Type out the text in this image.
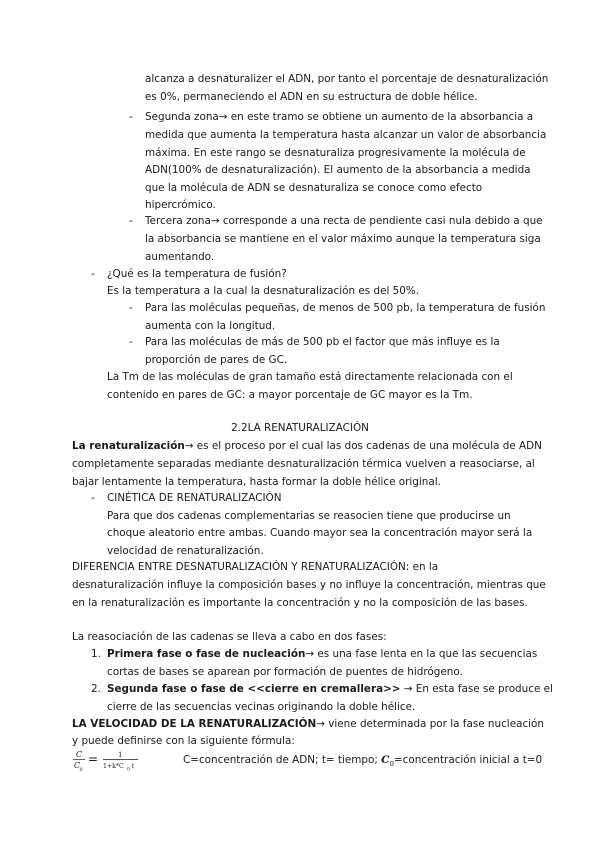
alcanza a desnaturalizer el ADN, por tanto el porcentaje de desnaturalización
es 0%, permaneciendo el ADN en su estructura de doble hélice.
- Segunda zona→ en este tramo se obtiene un aumento de la absorbancia a
medida que aumenta la temperatura hasta alcanzar un valor de absorbancia
máxima. En este rango se desnaturaliza progresivamente la molécula de
ADN(100% de desnaturalización). El aumento de la absorbancia a medida
que la molécula de ADN se desnaturaliza se conoce como efecto
hipercrómico.
- Tercera zona→ corresponde a una recta de pendiente casi nula debido a que
la absorbancia se mantiene en el valor máximo aunque la temperatura siga
aumentando.
- ¿Qué es la temperatura de fusión?
Es la temperatura a la cual la desnaturalización es del 50%.
- Para las moléculas pequeñas, de menos de 500 pb, la temperatura de fusión
aumenta con la longitud.
- Para las moléculas de más de 500 pb el factor que más influye es la
proporción de pares de GC.
La Tm de las moléculas de gran tamaño está directamente relacionada con el
contenido en pares de GC: a mayor porcentaje de GC mayor es la Tm.
2.2LA RENATURALIZACIÓN
La renaturalización→ es el proceso por el cual las dos cadenas de una molécula de ADN
completamente separadas mediante desnaturalización térmica vuelven a reasociarse, al
bajar lentamente la temperatura, hasta formar la doble hélice original.
- CINÉTICA DE RENATURALIZACIÓN
Para que dos cadenas complementarias se reasocien tiene que producirse un
choque aleatorio entre ambas. Cuando mayor sea la concentración mayor será la
velocidad de renaturalización.
DIFERENCIA ENTRE DESNATURALIZACIÓN Y RENATURALIZACIÓN: en la
desnaturalización influye la composición bases y no influye la concentración, mientras que
en la renaturalización es importante la concentración y no la composición de las bases.
La reasociación de las cadenas se lleva a cabo en dos fases:
1. Primera fase o fase de nucleación→ es una fase lenta en la que las secuencias
cortas de bases se aparean por formación de puentes de hidrógeno.
2. Segunda fase o fase de <<cierre en cremallera>> → En esta fase se produce el
cierre de las secuencias vecinas originando la doble hélice.
LA VELOCIDAD DE LA RENATURALIZACIÓN→ viene determinada por la fase nucleación
y puede definirse con la siguiente fórmula:
C
C 0
=	1
1+k*C 0 t
C=concentración de ADN; t= tiempo; $C_0=concentración$ inicial a t=0
